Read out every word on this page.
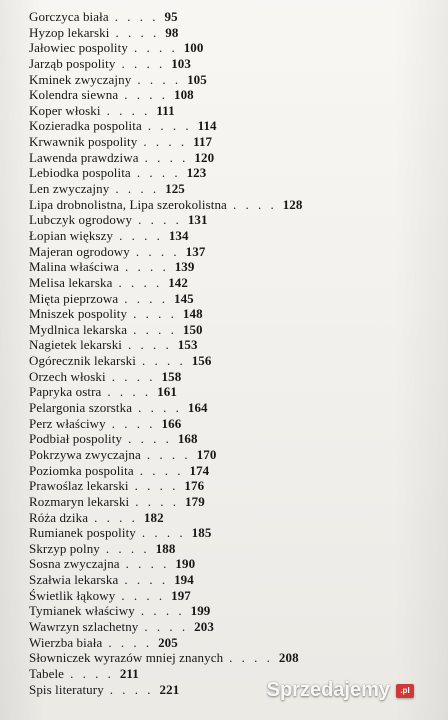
Gorczyca biała . . . . 95
Hyzop lekarski . . . . 98
Jałowiec pospolity . . . . 100
Jarząb pospolity . . . . 103
Kminek zwyczajny . . . . 105
Kolendra siewna . . . . 108
Koper włoski . . . . 111
Kozieradka pospolita . . . . 114
Krwawnik pospolity . . . . 117
Lawenda prawdziwa . . . . 120
Lebiodka pospolita . . . . 123
Len zwyczajny . . . . 125
Lipa drobnolistna, Lipa szerokolistna . . . . 128
Lubczyk ogrodowy . . . . 131
Łopian większy . . . . 134
Majeran ogrodowy . . . . 137
Malina właściwa . . . . 139
Melisa lekarska . . . . 142
Mięta pieprzowa . . . . 145
Mniszek pospolity . . . . 148
Mydlnica lekarska . . . . 150
Nagietek lekarski . . . . 153
Ogórecznik lekarski . . . . 156
Orzech włoski . . . . 158
Papryka ostra . . . . 161
Pelargonia szorstka . . . . 164
Perz właściwy . . . . 166
Podbiał pospolity . . . . 168
Pokrzywa zwyczajna . . . . 170
Poziomka pospolita . . . . 174
Prawoślaz lekarski . . . . 176
Rozmaryn lekarski . . . . 179
Róża dzika . . . . 182
Rumianek pospolity . . . . 185
Skrzyp polny . . . . 188
Sosna zwyczajna . . . . 190
Szałwia lekarska . . . . 194
Świetlik łąkowy . . . . 197
Tymianek właściwy . . . . 199
Wawrzyn szlachetny . . . . 203
Wierzba biała . . . . 205
Słowniczek wyrazów mniej znanych . . . . 208
Tabele . . . . 211
Spis literatury . . . . 221	Sprzedajemy	.pl
